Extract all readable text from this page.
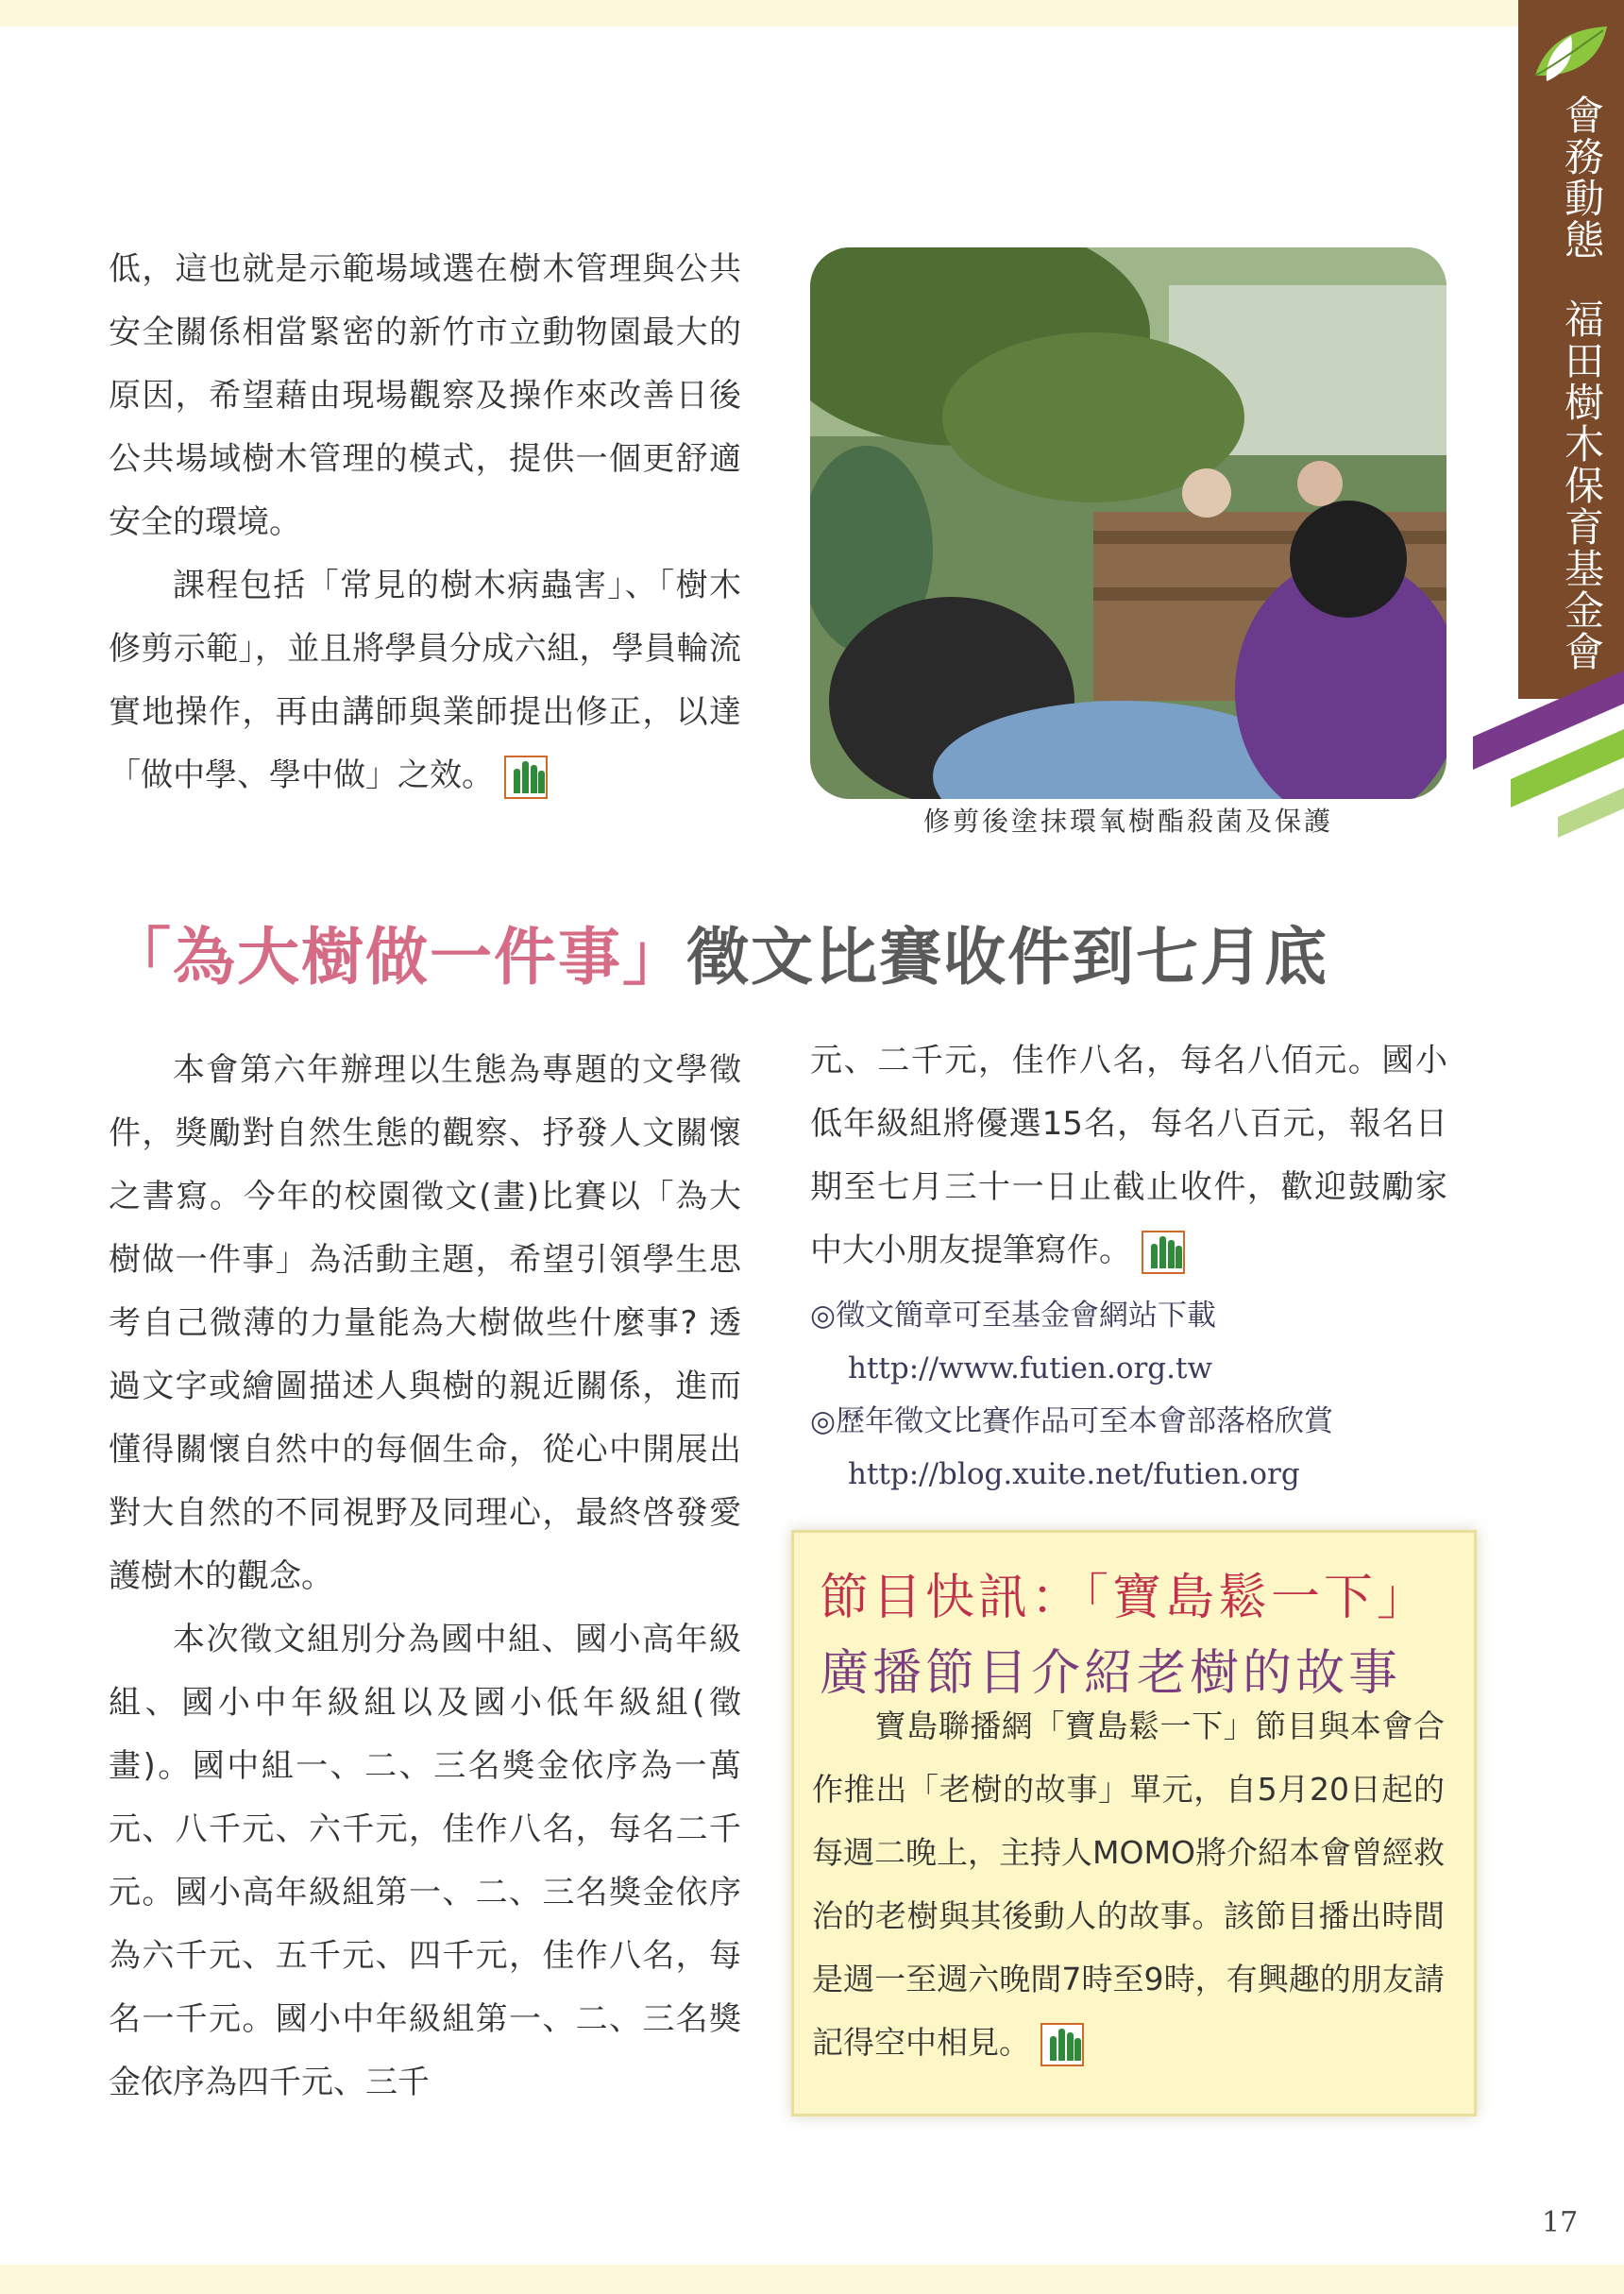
會務動態福田樹木保育基金會

低，這也就是示範場域選在樹木管理與公共安全關係相當緊密的新竹市立動物園最大的原因，希望藉由現場觀察及操作來改善日後公共場域樹木管理的模式，提供一個更舒適安全的環境。

課程包括「常見的樹木病蟲害」、「樹木修剪示範」，並且將學員分成六組，學員輪流實地操作，再由講師與業師提出修正，以達「做中學、學中做」之效。

修剪後塗抹環氧樹酯殺菌及保護
「為大樹做一件事」徵文比賽收件到七月底

本會第六年辦理以生態為專題的文學徵件，獎勵對自然生態的觀察、抒發人文關懷之書寫。今年的校園徵文(畫)比賽以「為大樹做一件事」為活動主題，希望引領學生思考自己微薄的力量能為大樹做些什麼事? 透過文字或繪圖描述人與樹的親近關係，進而懂得關懷自然中的每個生命，從心中開展出對大自然的不同視野及同理心，最終啓發愛護樹木的觀念。

本次徵文組別分為國中組、國小高年級組、國小中年級組以及國小低年級組(徵畫)。國中組一、二、三名獎金依序為一萬元、八千元、六千元，佳作八名，每名二千元。國小高年級組第一、二、三名獎金依序為六千元、五千元、四千元，佳作八名，每名一千元。國小中年級組第一、二、三名獎金依序為四千元、三千

元、二千元，佳作八名，每名八佰元。國小低年級組將優選15名，每名八百元，報名日期至七月三十一日止截止收件，歡迎鼓勵家中大小朋友提筆寫作。

◎徵文簡章可至基金會網站下載
http://www.futien.org.tw
◎歷年徵文比賽作品可至本會部落格欣賞
http://blog.xuite.net/futien.org
節目快訊：「寶島鬆一下」
廣播節目介紹老樹的故事
寶島聯播網「寶島鬆一下」節目與本會合作推出「老樹的故事」單元，自5月20日起的每週二晚上，主持人MOMO將介紹本會曾經救治的老樹與其後動人的故事。該節目播出時間是週一至週六晚間7時至9時，有興趣的朋友請記得空中相見。
17
